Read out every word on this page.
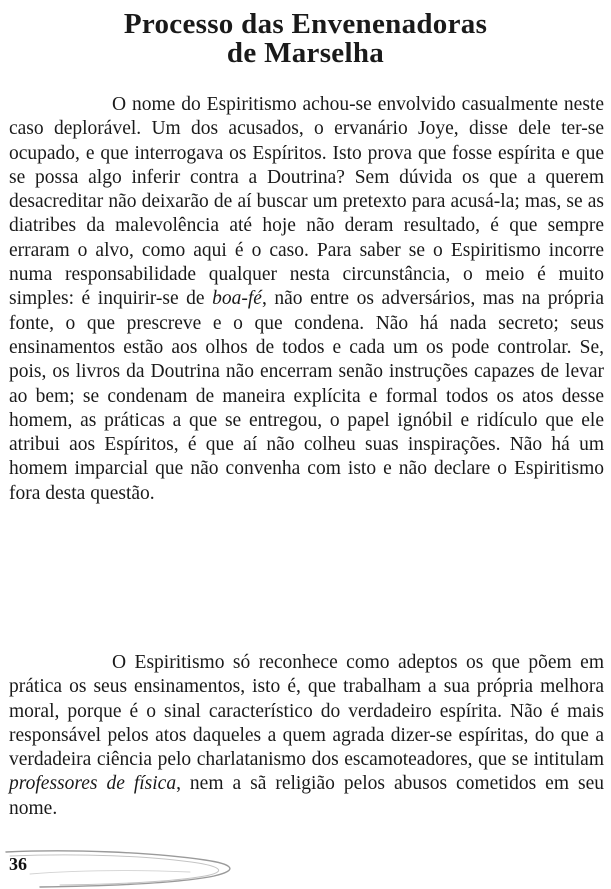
Processo das Envenenadoras
de Marselha

O nome do Espiritismo achou-se envolvido casualmente neste caso deplorável. Um dos acusados, o ervanário Joye, disse dele ter-se ocupado, e que interrogava os Espíritos. Isto prova que fosse espírita e que se possa algo inferir contra a Doutrina? Sem dúvida os que a querem desacreditar não deixarão de aí buscar um pretexto para acusá-la; mas, se as diatribes da malevolência até hoje não deram resultado, é que sempre erraram o alvo, como aqui é o caso. Para saber se o Espiritismo incorre numa responsabilidade qualquer nesta circunstância, o meio é muito simples: é inquirir-se de boa-fé, não entre os adversários, mas na própria fonte, o que prescreve e o que condena. Não há nada secreto; seus ensinamentos estão aos olhos de todos e cada um os pode controlar. Se, pois, os livros da Doutrina não encerram senão instruções capazes de levar ao bem; se condenam de maneira explícita e formal todos os atos desse homem, as práticas a que se entregou, o papel ignóbil e ridículo que ele atribui aos Espíritos, é que aí não colheu suas inspirações. Não há um homem imparcial que não convenha com isto e não declare o Espiritismo fora desta questão.

O Espiritismo só reconhece como adeptos os que põem em prática os seus ensinamentos, isto é, que trabalham a sua própria melhora moral, porque é o sinal característico do verdadeiro espírita. Não é mais responsável pelos atos daqueles a quem agrada dizer-se espíritas, do que a verdadeira ciência pelo charlatanismo dos escamoteadores, que se intitulam professores de física, nem a sã religião pelos abusos cometidos em seu nome.

36
